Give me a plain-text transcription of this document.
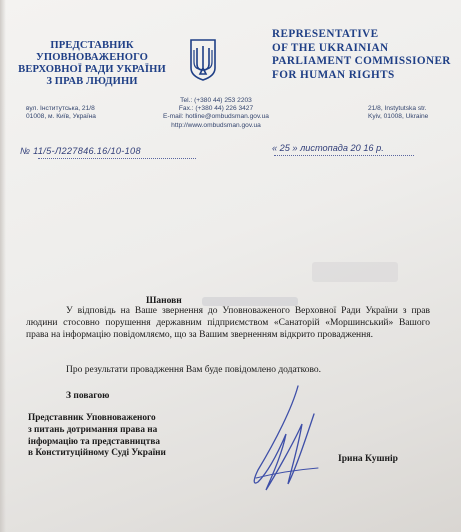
ПРЕДСТАВНИК
УПОВНОВАЖЕНОГО
ВЕРХОВНОЇ РАДИ УКРАЇНИ
З ПРАВ ЛЮДИНИ
REPRESENTATIVE
OF THE UKRAINIAN
PARLIAMENT COMMISSIONER
FOR HUMAN RIGHTS
вул. Інститутська, 21/8
01008, м. Київ, Україна
Tel.: (+380 44) 253 2203
Fax.: (+380 44) 226 3427
E-mail: hotline@ombudsman.gov.ua
http://www.ombudsman.gov.ua
21/8, Instytutska str.
Kyiv, 01008, Ukraine
№ 11/5-Л227846.16/10-108	« 25 » листопада 20 16 р.
Шановн
У відповідь на Ваше звернення до Уповноваженого Верховної Ради України з прав людини стосовно порушення державним підприємством «Санаторій «Моршинський» Вашого права на інформацію повідомляємо, що за Вашим зверненням відкрито провадження.
Про результати провадження Вам буде повідомлено додатково.
З повагою
Представник Уповноваженого
з питань дотримання права на
інформацію та представництва
в Конституційному Суді України
Ірина Кушнір
